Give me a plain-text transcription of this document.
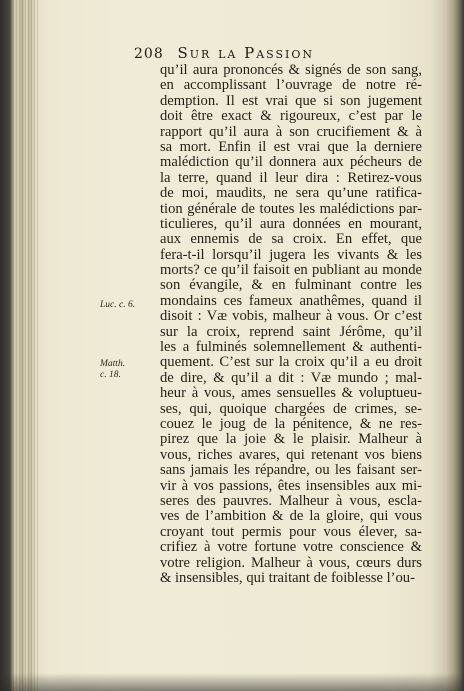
208 Sur la Passion
Luc. c. 6.
Matth.
c. 18.
qu’il aura prononcés & signés de son sang,
en accomplissant l’ouvrage de notre ré-
demption. Il est vrai que si son jugement
doit être exact & rigoureux, c’est par le
rapport qu’il aura à son crucifiement & à
sa mort. Enfin il est vrai que la derniere
malédiction qu’il donnera aux pécheurs de
la terre, quand il leur dira : Retirez-vous
de moi, maudits, ne sera qu’une ratifica-
tion générale de toutes les malédictions par-
ticulieres, qu’il aura données en mourant,
aux ennemis de sa croix. En effet, que
fera-t-il lorsqu’il jugera les vivants & les
morts? ce qu’il faisoit en publiant au monde
son évangile, & en fulminant contre les
mondains ces fameux anathêmes, quand il
disoit : Væ vobis, malheur à vous. Or c’est
sur la croix, reprend saint Jérôme, qu’il
les a fulminés solemnellement & authenti-
quement. C’est sur la croix qu’il a eu droit
de dire, & qu’il a dit : Væ mundo ; mal-
heur à vous, ames sensuelles & voluptueu-
ses, qui, quoique chargées de crimes, se-
couez le joug de la pénitence, & ne res-
pirez que la joie & le plaisir. Malheur à
vous, riches avares, qui retenant vos biens
sans jamais les répandre, ou les faisant ser-
vir à vos passions, êtes insensibles aux mi-
seres des pauvres. Malheur à vous, escla-
ves de l’ambition & de la gloire, qui vous
croyant tout permis pour vous élever, sa-
crifiez à votre fortune votre conscience &
votre religion. Malheur à vous, cœurs durs
& insensibles, qui traitant de foiblesse l’ou-
